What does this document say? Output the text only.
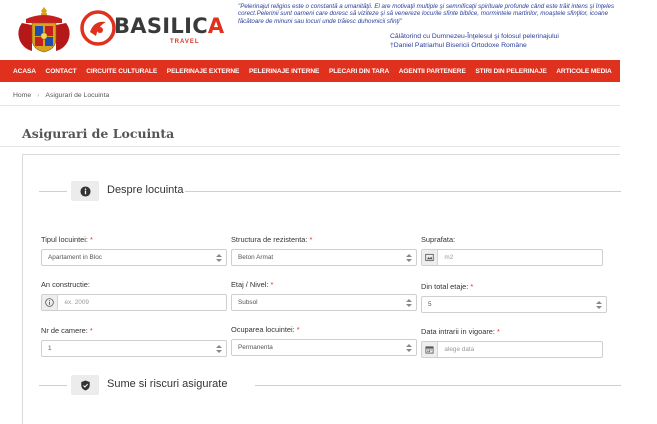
BASILICA
TRAVEL
"Pelerinajul religios este o constantă a umanităţii. El are motivaţii multiple şi semnificaţii spirituale profunde când este trăit intens şi înţeles corect.Pelerinii sunt oameni care doresc să viziteze şi să venereze locurile sfinte biblice, mormintele martirilor, moaştele sfinţilor, icoane făcătoare de minuni sau locuri unde trăiesc duhovnicii sfinţi"
Călătorind cu Dumnezeu-Înţelesul şi folosul pelerinajului
†Daniel Patriarhul Bisericii Ortodoxe Române
ACASA CONTACT CIRCUITE CULTURALE PELERINAJE EXTERNE PELERINAJE INTERNE PLECARI DIN TARA AGENTII PARTENERE STIRI DIN PELERINAJE ARTICOLE MEDIA ASIGURARI
Home › Asigurari de Locuinta
Asigurari de Locuinta
Despre locuinta
Tipul locuintei: *
Apartament in Bloc
Structura de rezistenta: *
Beton Armat
Suprafata:
m2
An constructie:
ex. 2009	Etaj / Nivel: *
Subsol
Din total etaje: *
5
Nr de camere: *
1
Ocuparea locuintei: *
Permanenta
Data intrarii in vigoare: *
alege data
Sume si riscuri asigurate
